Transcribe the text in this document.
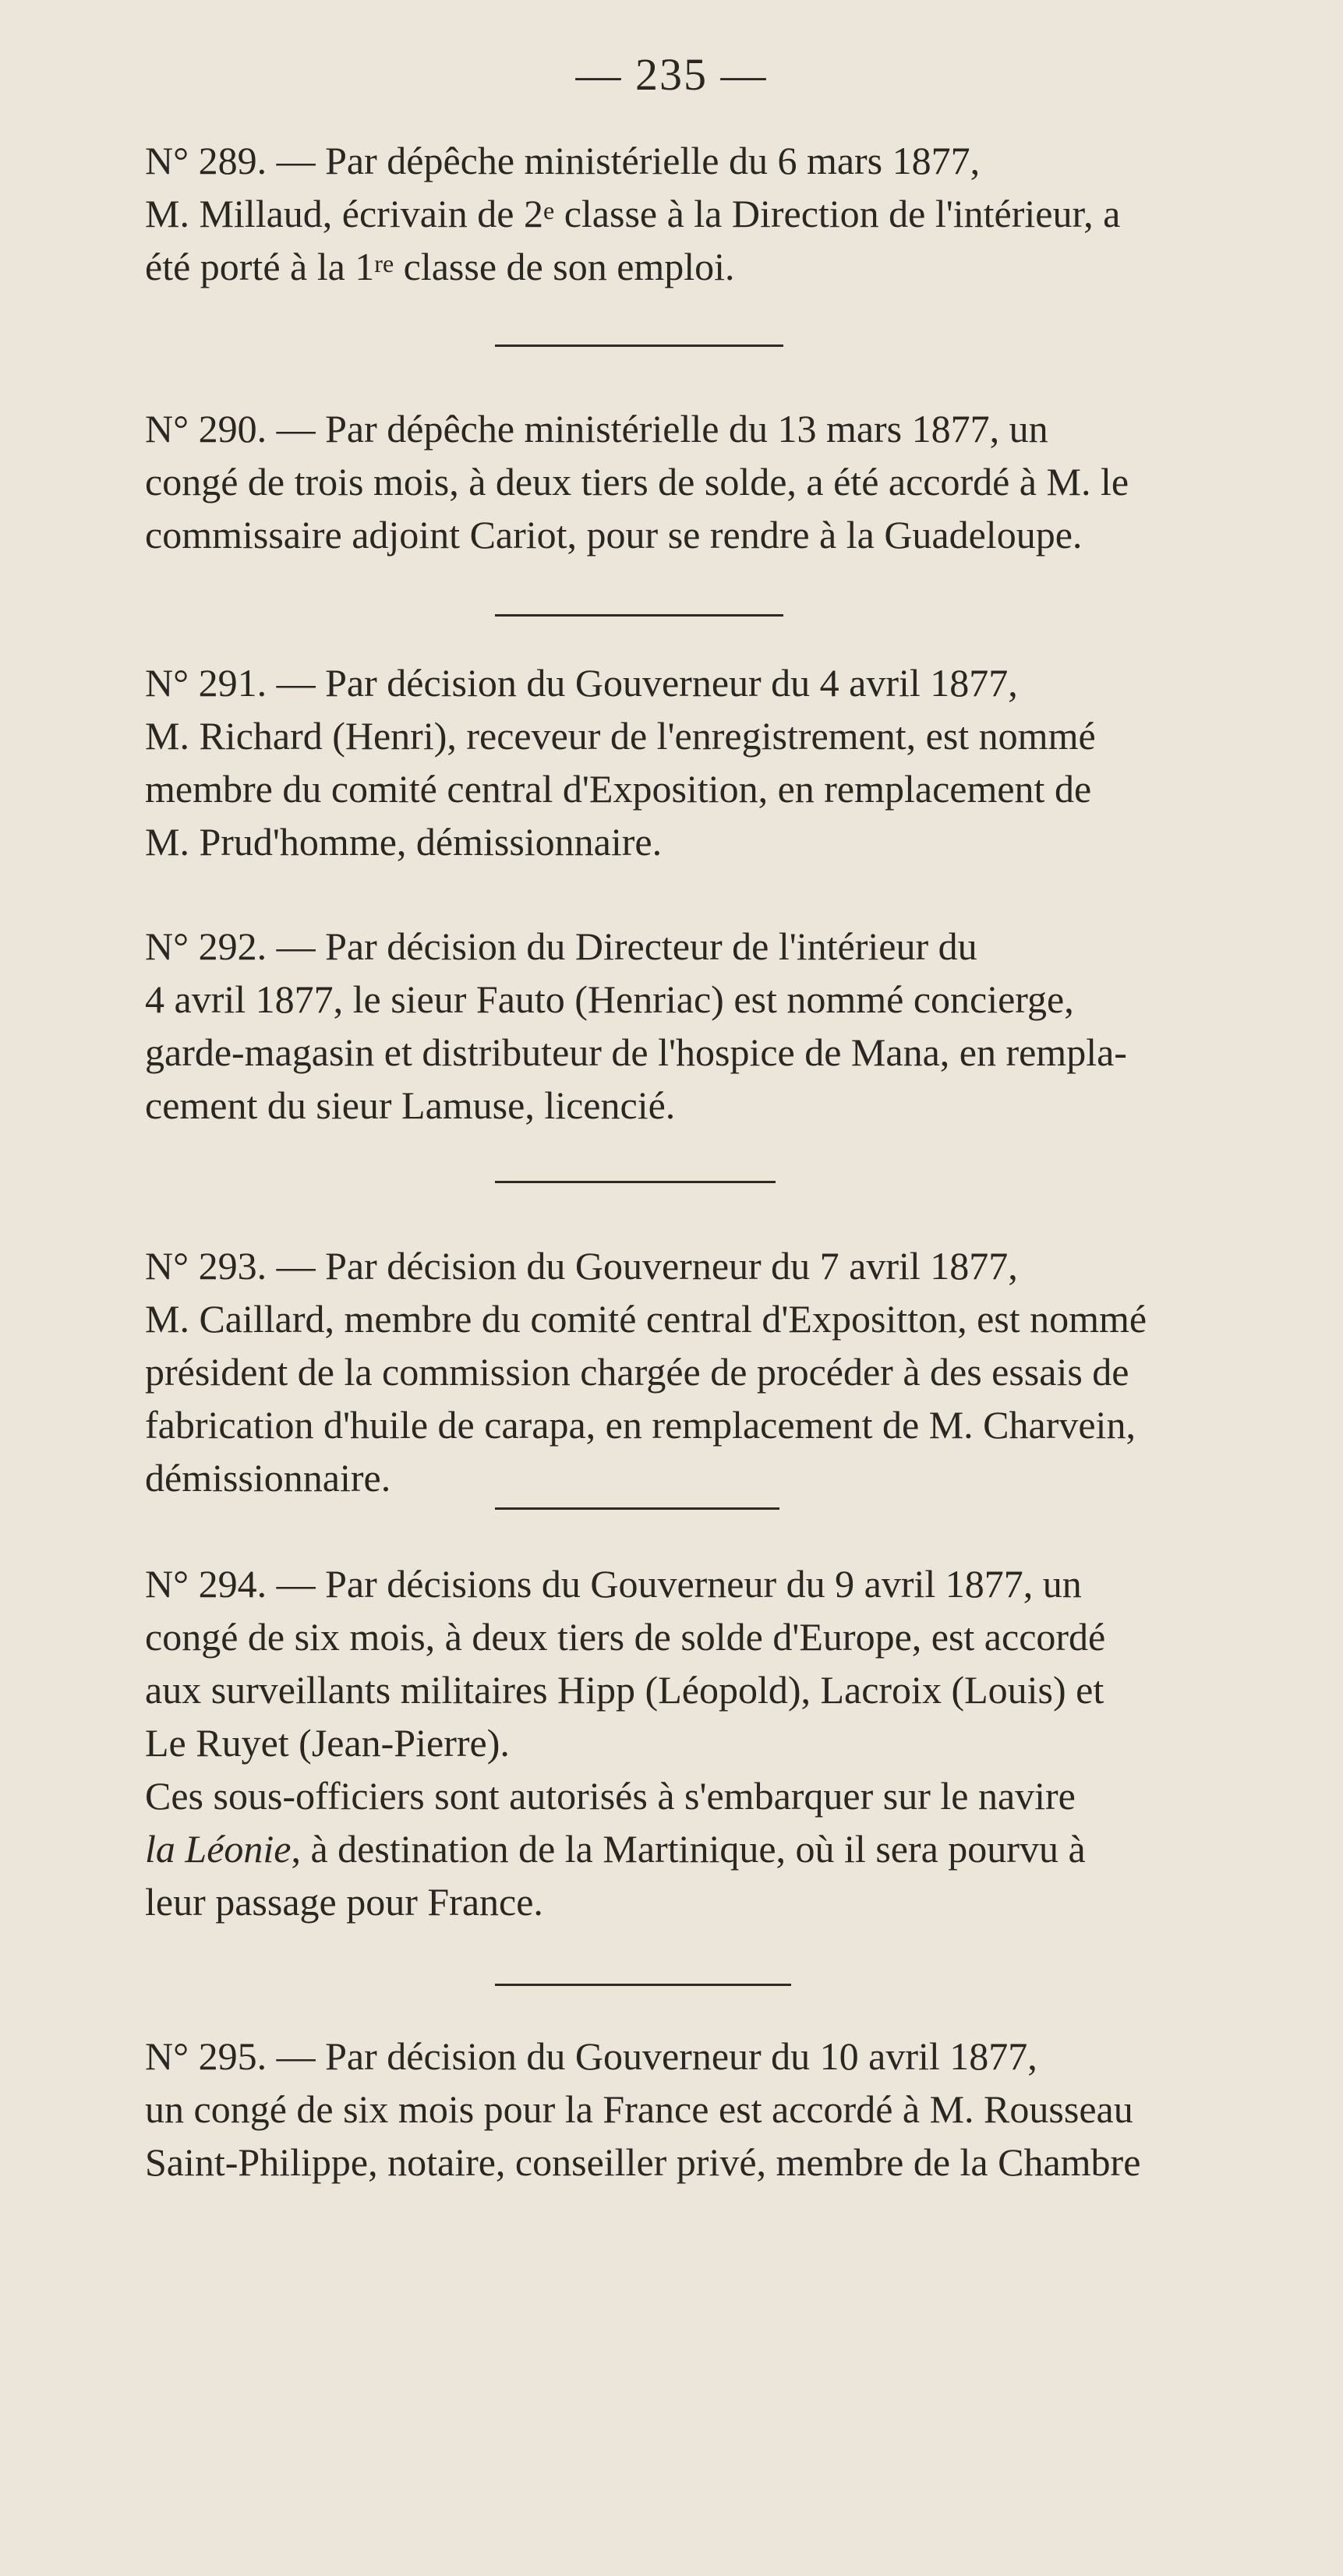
— 235 —
N° 289. — Par dépêche ministérielle du 6 mars 1877,
M. Millaud, écrivain de 2e classe à la Direction de l'intérieur, a
été porté à la 1re classe de son emploi.
N° 290. — Par dépêche ministérielle du 13 mars 1877, un
congé de trois mois, à deux tiers de solde, a été accordé à M. le
commissaire adjoint Cariot, pour se rendre à la Guadeloupe.
N° 291. — Par décision du Gouverneur du 4 avril 1877,
M. Richard (Henri), receveur de l'enregistrement, est nommé
membre du comité central d'Exposition, en remplacement de
M. Prud'homme, démissionnaire.
N° 292. — Par décision du Directeur de l'intérieur du
4 avril 1877, le sieur Fauto (Henriac) est nommé concierge,
garde-magasin et distributeur de l'hospice de Mana, en rempla-
cement du sieur Lamuse, licencié.
N° 293. — Par décision du Gouverneur du 7 avril 1877,
M. Caillard, membre du comité central d'Expositton, est nommé
président de la commission chargée de procéder à des essais de
fabrication d'huile de carapa, en remplacement de M. Charvein,
démissionnaire.
N° 294. — Par décisions du Gouverneur du 9 avril 1877, un
congé de six mois, à deux tiers de solde d'Europe, est accordé
aux surveillants militaires Hipp (Léopold), Lacroix (Louis) et
Le Ruyet (Jean-Pierre).
Ces sous-officiers sont autorisés à s'embarquer sur le navire
la Léonie, à destination de la Martinique, où il sera pourvu à
leur passage pour France.
N° 295. — Par décision du Gouverneur du 10 avril 1877,
un congé de six mois pour la France est accordé à M. Rousseau
Saint-Philippe, notaire, conseiller privé, membre de la Chambre
